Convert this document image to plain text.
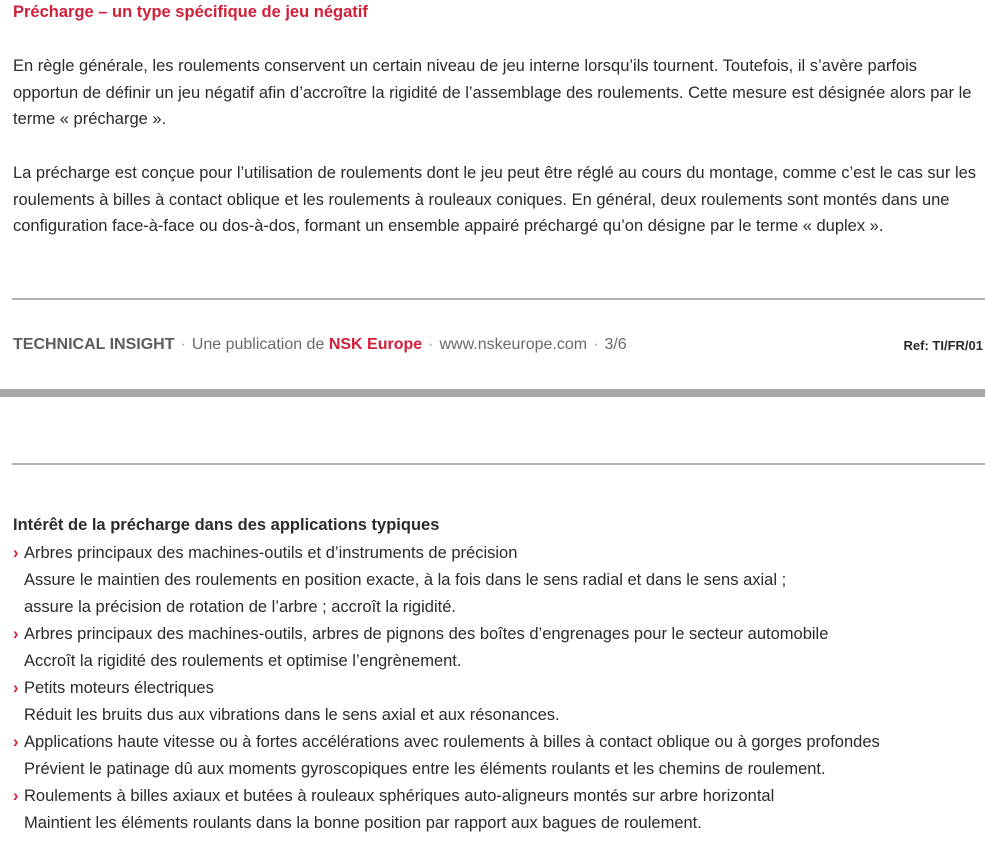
Précharge – un type spécifique de jeu négatif

En règle générale, les roulements conservent un certain niveau de jeu interne lorsqu’ils tournent. Toutefois, il s’avère parfois opportun de définir un jeu négatif afin d’accroître la rigidité de l’assemblage des roulements. Cette mesure est désignée alors par le terme « précharge ».

La précharge est conçue pour l’utilisation de roulements dont le jeu peut être réglé au cours du montage, comme c’est le cas sur les roulements à billes à contact oblique et les roulements à rouleaux coniques. En général, deux roulements sont montés dans une configuration face-à-face ou dos-à-dos, formant un ensemble appairé préchargé qu’on désigne par le terme « duplex ».

TECHNICAL INSIGHT · Une publication de NSK Europe · www.nskeurope.com · 3/6	Ref: TI/FR/01
Intérêt de la précharge dans des applications typiques
› Arbres principaux des machines-outils et d’instruments de précision
Assure le maintien des roulements en position exacte, à la fois dans le sens radial et dans le sens axial ;
assure la précision de rotation de l’arbre ; accroît la rigidité.
› Arbres principaux des machines-outils, arbres de pignons des boîtes d’engrenages pour le secteur automobile
Accroît la rigidité des roulements et optimise l’engrènement.
› Petits moteurs électriques
Réduit les bruits dus aux vibrations dans le sens axial et aux résonances.
› Applications haute vitesse ou à fortes accélérations avec roulements à billes à contact oblique ou à gorges profondes
Prévient le patinage dû aux moments gyroscopiques entre les éléments roulants et les chemins de roulement.
› Roulements à billes axiaux et butées à rouleaux sphériques auto-aligneurs montés sur arbre horizontal
Maintient les éléments roulants dans la bonne position par rapport aux bagues de roulement.
